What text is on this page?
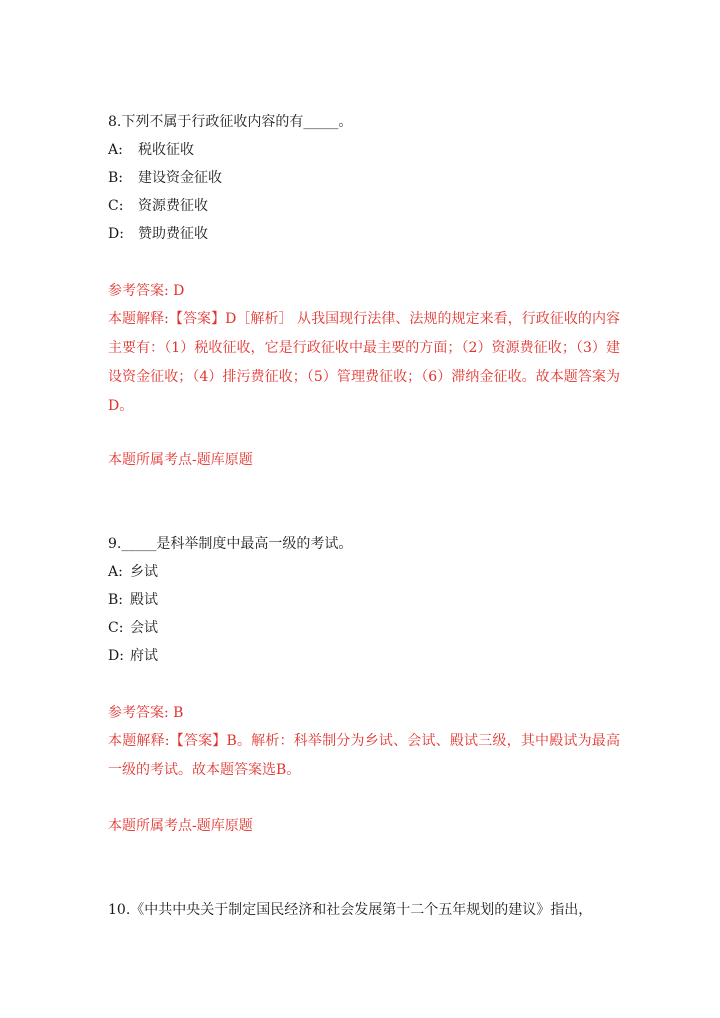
8.下列不属于行政征收内容的有_____。
A: 税收征收
B: 建设资金征收
C: 资源费征收
D: 赞助费征收
参考答案: D
本题解释:【答案】D［解析］ 从我国现行法律、法规的规定来看，行政征收的内容主要有：（1）税收征收，它是行政征收中最主要的方面；（2）资源费征收；（3）建设资金征收；（4）排污费征收；（5）管理费征收；（6）滞纳金征收。故本题答案为D。
本题所属考点-题库原题
9._____是科举制度中最高一级的考试。
A: 乡试
B: 殿试
C: 会试
D: 府试
参考答案: B
本题解释:【答案】B。解析：科举制分为乡试、会试、殿试三级，其中殿试为最高一级的考试。故本题答案选B。
本题所属考点-题库原题
10.《中共中央关于制定国民经济和社会发展第十二个五年规划的建议》指出，
